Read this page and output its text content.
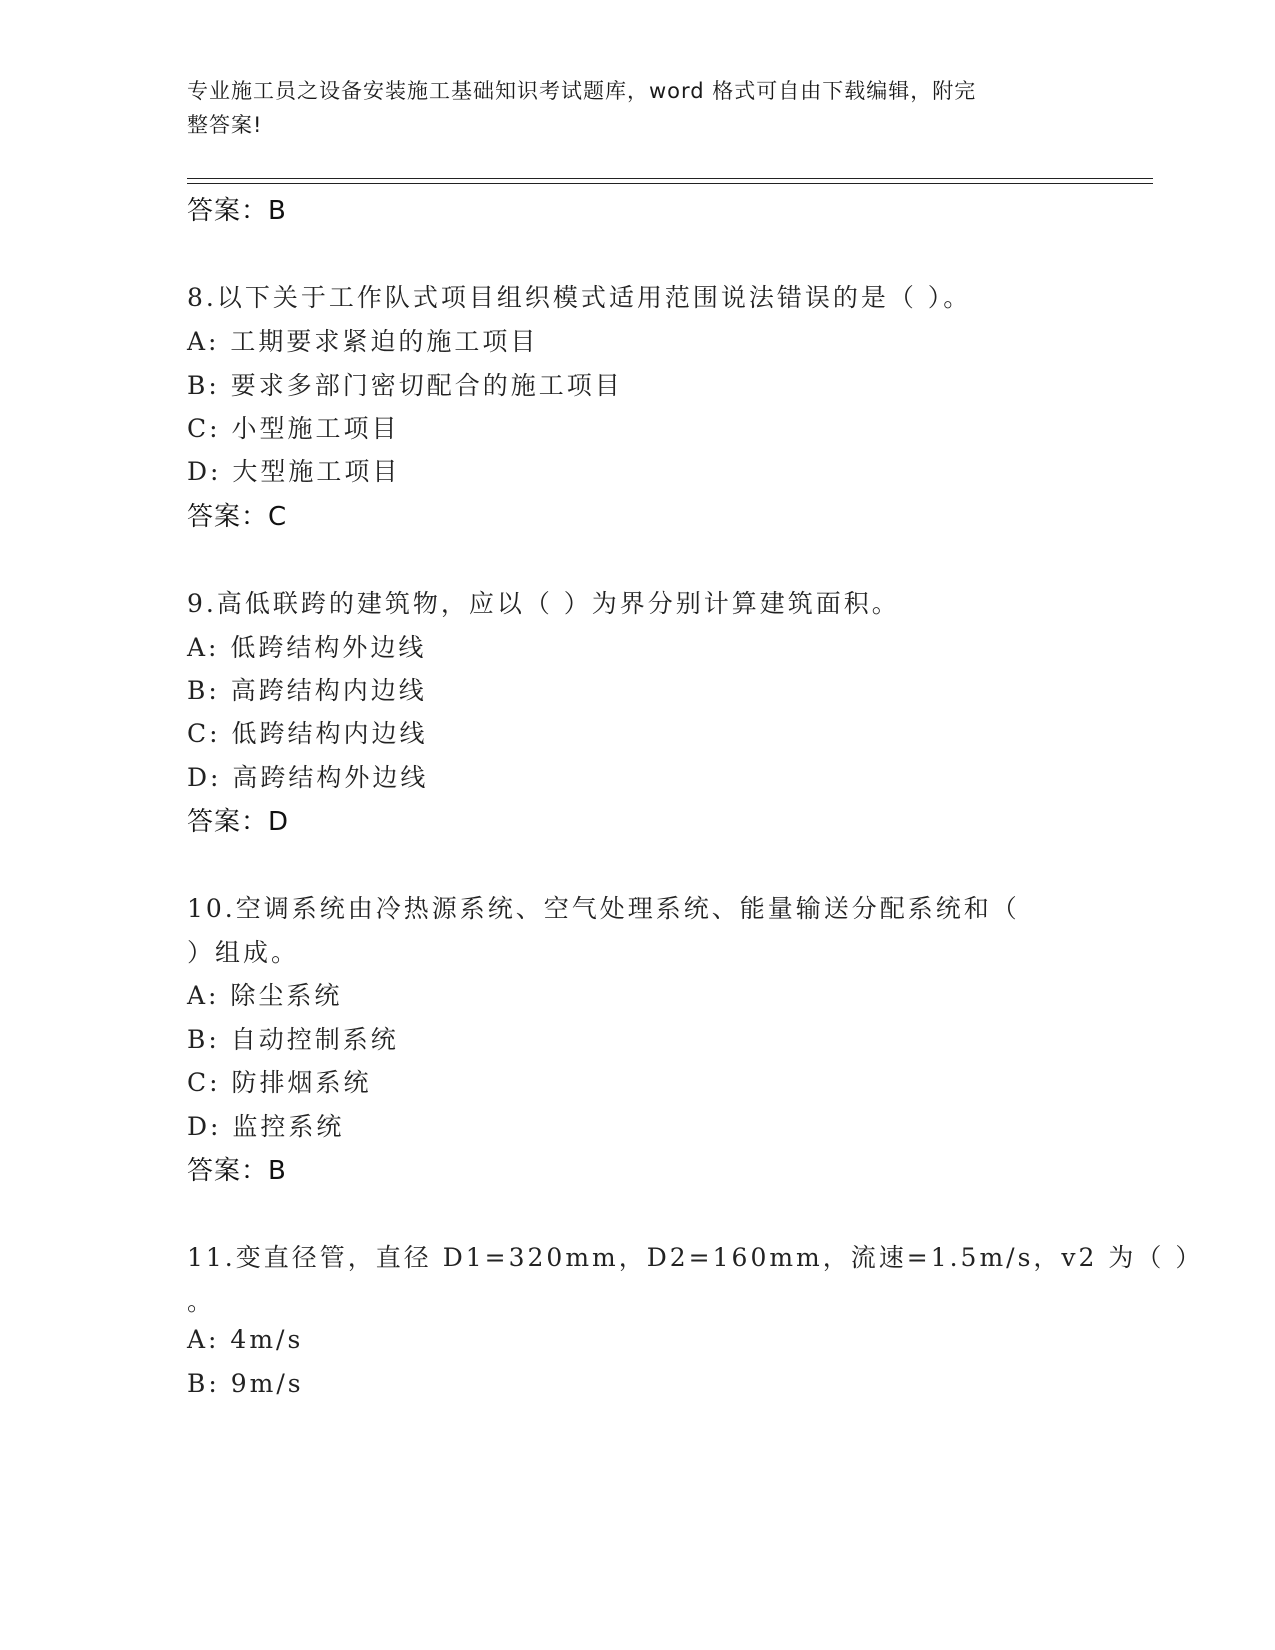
专业施工员之设备安装施工基础知识考试题库，word 格式可自由下载编辑，附完
整答案!
答案：B
8.以下关于工作队式项目组织模式适用范围说法错误的是（ ）。
A: 工期要求紧迫的施工项目
B: 要求多部门密切配合的施工项目
C: 小型施工项目
D: 大型施工项目
答案：C
9.高低联跨的建筑物，应以（ ）为界分别计算建筑面积。
A: 低跨结构外边线
B: 高跨结构内边线
C: 低跨结构内边线
D: 高跨结构外边线
答案：D
10.空调系统由冷热源系统、空气处理系统、能量输送分配系统和（
）组成。
A: 除尘系统
B: 自动控制系统
C: 防排烟系统
D: 监控系统
答案：B
11.变直径管，直径 D1=320mm，D2=160mm，流速=1.5m/s，v2 为（ ）
。
A: 4m/s
B: 9m/s
